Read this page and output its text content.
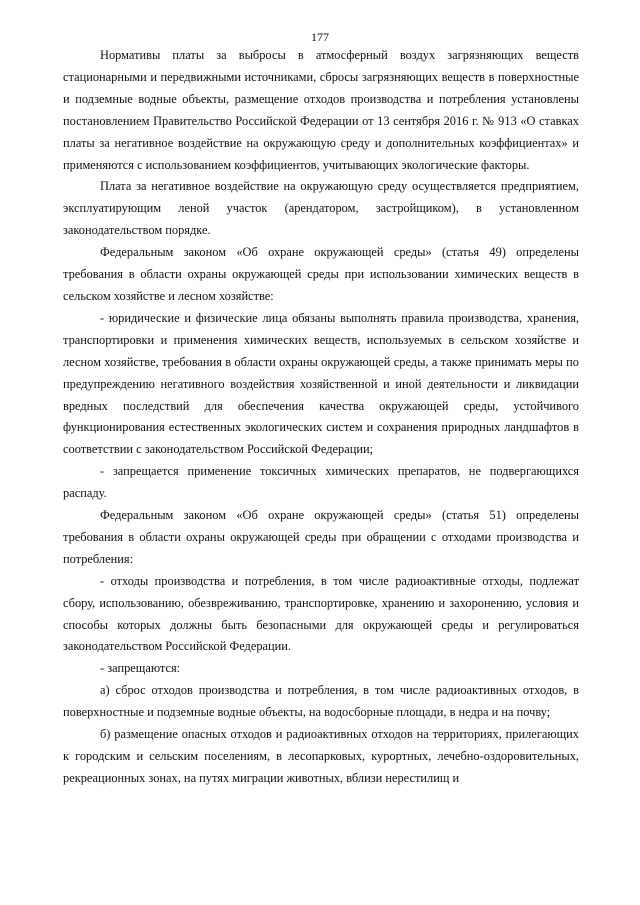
177

Нормативы платы за выбросы в атмосферный воздух загрязняющих веществ стационарными и передвижными источниками, сбросы загрязняющих веществ в поверхностные и подземные водные объекты, размещение отходов производства и потребления установлены постановлением Правительство Российской Федерации от 13 сентября 2016 г. № 913 «О ставках платы за негативное воздействие на окружающую среду и дополнительных коэффициентах» и применяются с использованием коэффициентов, учитывающих экологические факторы.

Плата за негативное воздействие на окружающую среду осуществляется предприятием, эксплуатирующим леной участок (арендатором, застройщиком), в установленном законодательством порядке.

Федеральным законом «Об охране окружающей среды» (статья 49) определены требования в области охраны окружающей среды при использовании химических веществ в сельском хозяйстве и лесном хозяйстве:

- юридические и физические лица обязаны выполнять правила производства, хранения, транспортировки и применения химических веществ, используемых в сельском хозяйстве и лесном хозяйстве, требования в области охраны окружающей среды, а также принимать меры по предупреждению негативного воздействия хозяйственной и иной деятельности и ликвидации вредных последствий для обеспечения качества окружающей среды, устойчивого функционирования естественных экологических систем и сохранения природных ландшафтов в соответствии с законодательством Российской Федерации;

- запрещается применение токсичных химических препаратов, не подвергающихся распаду.

Федеральным законом «Об охране окружающей среды» (статья 51) определены требования в области охраны окружающей среды при обращении с отходами производства и потребления:

- отходы производства и потребления, в том числе радиоактивные отходы, подлежат сбору, использованию, обезвреживанию, транспортировке, хранению и захоронению, условия и способы которых должны быть безопасными для окружающей среды и регулироваться законодательством Российской Федерации.

- запрещаются:

а) сброс отходов производства и потребления, в том числе радиоактивных отходов, в поверхностные и подземные водные объекты, на водосборные площади, в недра и на почву;

б) размещение опасных отходов и радиоактивных отходов на территориях, прилегающих к городским и сельским поселениям, в лесопарковых, курортных, лечебно-оздоровительных, рекреационных зонах, на путях миграции животных, вблизи нерестилищ и
